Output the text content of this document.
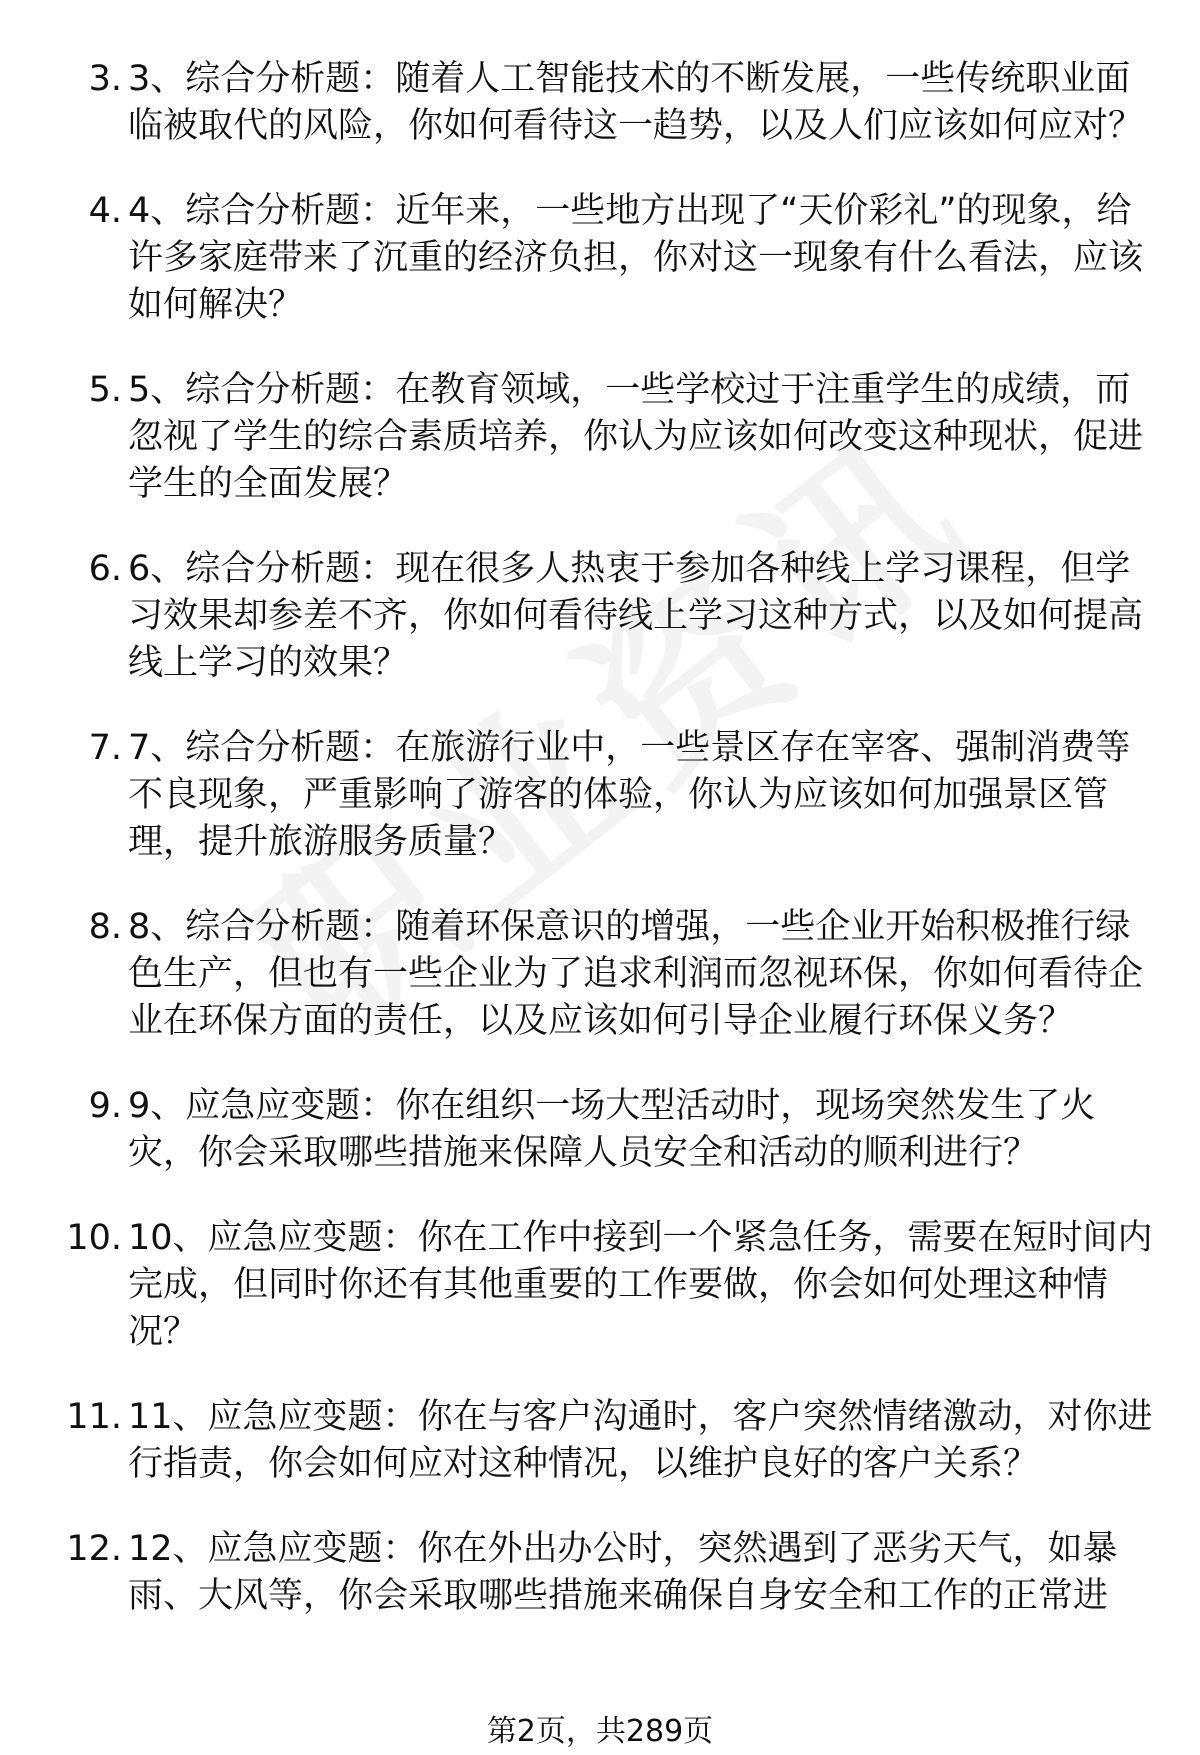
3. 3、综合分析题：随着人工智能技术的不断发展，一些传统职业面临被取代的风险，你如何看待这一趋势，以及人们应该如何应对？
4. 4、综合分析题：近年来，一些地方出现了“天价彩礼”的现象，给许多家庭带来了沉重的经济负担，你对这一现象有什么看法，应该如何解决？
5. 5、综合分析题：在教育领域，一些学校过于注重学生的成绩，而忽视了学生的综合素质培养，你认为应该如何改变这种现状，促进学生的全面发展？
6. 6、综合分析题：现在很多人热衷于参加各种线上学习课程，但学习效果却参差不齐，你如何看待线上学习这种方式，以及如何提高线上学习的效果？
7. 7、综合分析题：在旅游行业中，一些景区存在宰客、强制消费等不良现象，严重影响了游客的体验，你认为应该如何加强景区管理，提升旅游服务质量？
8. 8、综合分析题：随着环保意识的增强，一些企业开始积极推行绿色生产，但也有一些企业为了追求利润而忽视环保，你如何看待企业在环保方面的责任，以及应该如何引导企业履行环保义务？
9. 9、应急应变题：你在组织一场大型活动时，现场突然发生了火灾，你会采取哪些措施来保障人员安全和活动的顺利进行？
10. 10、应急应变题：你在工作中接到一个紧急任务，需要在短时间内完成，但同时你还有其他重要的工作要做，你会如何处理这种情况？
11. 11、应急应变题：你在与客户沟通时，客户突然情绪激动，对你进行指责，你会如何应对这种情况，以维护良好的客户关系？
12. 12、应急应变题：你在外出办公时，突然遇到了恶劣天气，如暴雨、大风等，你会采取哪些措施来确保自身安全和工作的正常进
第2页，共289页
